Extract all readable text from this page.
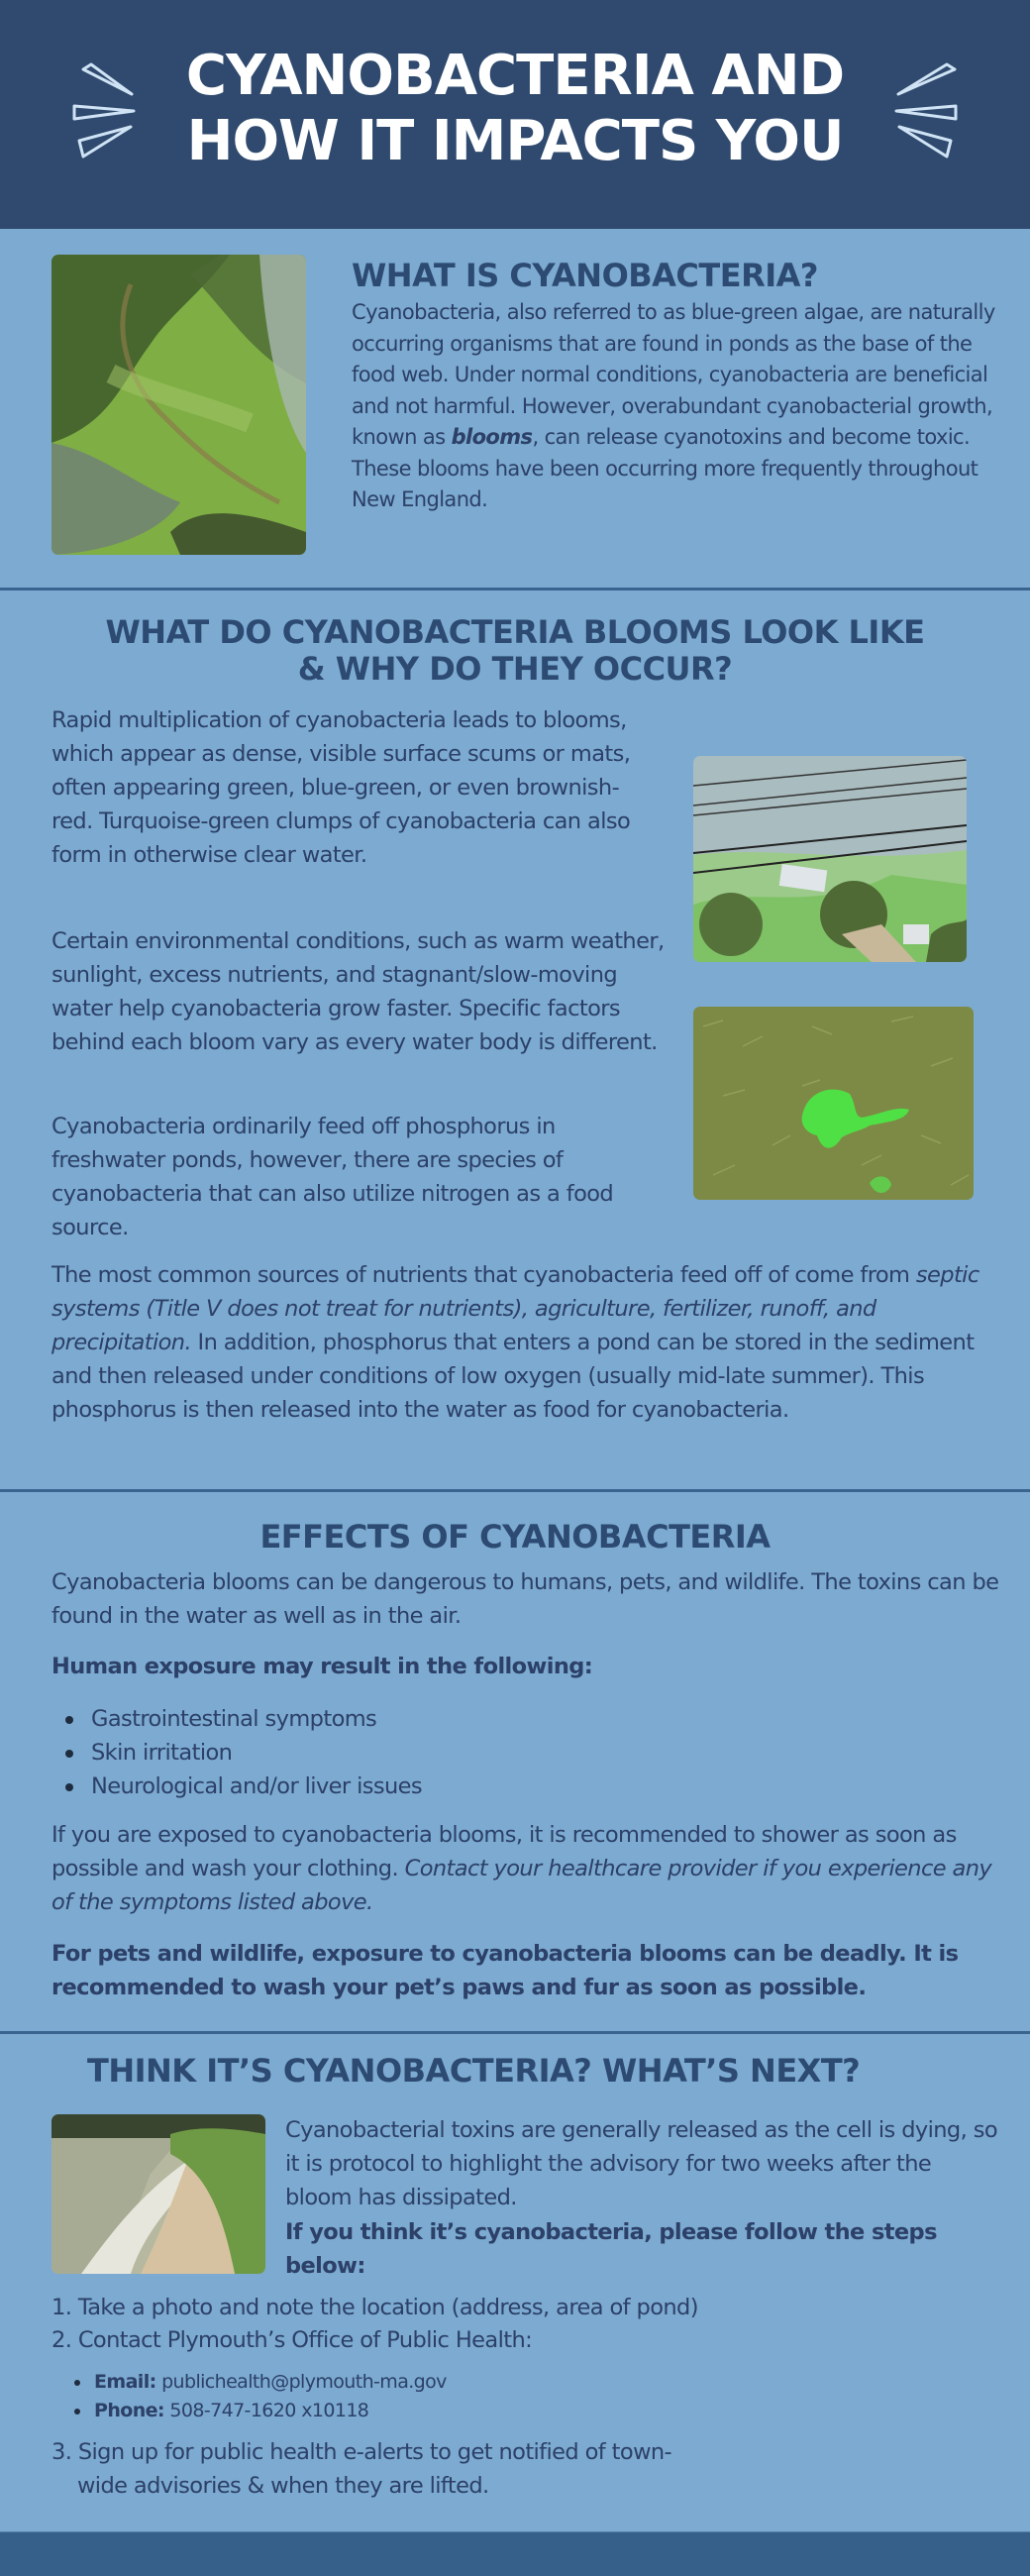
CYANOBACTERIA AND
HOW IT IMPACTS YOU
WHAT IS CYANOBACTERIA?
Cyanobacteria, also referred to as blue-green algae, are naturally occurring organisms that are found in ponds as the base of the food web. Under normal conditions, cyanobacteria are beneficial and not harmful. However, overabundant cyanobacterial growth, known as blooms, can release cyanotoxins and become toxic. These blooms have been occurring more frequently throughout New England.
WHAT DO CYANOBACTERIA BLOOMS LOOK LIKE
& WHY DO THEY OCCUR?
Rapid multiplication of cyanobacteria leads to blooms, which appear as dense, visible surface scums or mats, often appearing green, blue-green, or even brownish-red. Turquoise-green clumps of cyanobacteria can also form in otherwise clear water.
Certain environmental conditions, such as warm weather, sunlight, excess nutrients, and stagnant/slow-moving water help cyanobacteria grow faster. Specific factors behind each bloom vary as every water body is different.
Cyanobacteria ordinarily feed off phosphorus in freshwater ponds, however, there are species of cyanobacteria that can also utilize nitrogen as a food source.
The most common sources of nutrients that cyanobacteria feed off of come from septic systems (Title V does not treat for nutrients), agriculture, fertilizer, runoff, and precipitation. In addition, phosphorus that enters a pond can be stored in the sediment and then released under conditions of low oxygen (usually mid-late summer). This phosphorus is then released into the water as food for cyanobacteria.
EFFECTS OF CYANOBACTERIA
Cyanobacteria blooms can be dangerous to humans, pets, and wildlife. The toxins can be found in the water as well as in the air.
Human exposure may result in the following:
Gastrointestinal symptoms
Skin irritation
Neurological and/or liver issues
If you are exposed to cyanobacteria blooms, it is recommended to shower as soon as possible and wash your clothing. Contact your healthcare provider if you experience any of the symptoms listed above.
For pets and wildlife, exposure to cyanobacteria blooms can be deadly. It is recommended to wash your pet’s paws and fur as soon as possible.
THINK IT’S CYANOBACTERIA? WHAT’S NEXT?
Cyanobacterial toxins are generally released as the cell is dying, so it is protocol to highlight the advisory for two weeks after the bloom has dissipated.
If you think it’s cyanobacteria, please follow the steps below:
1. Take a photo and note the location (address, area of pond)
2. Contact Plymouth’s Office of Public Health:
Email: publichealth@plymouth-ma.gov
Phone: 508-747-1620 x10118
3. Sign up for public health e-alerts to get notified of town-
wide advisories & when they are lifted.
